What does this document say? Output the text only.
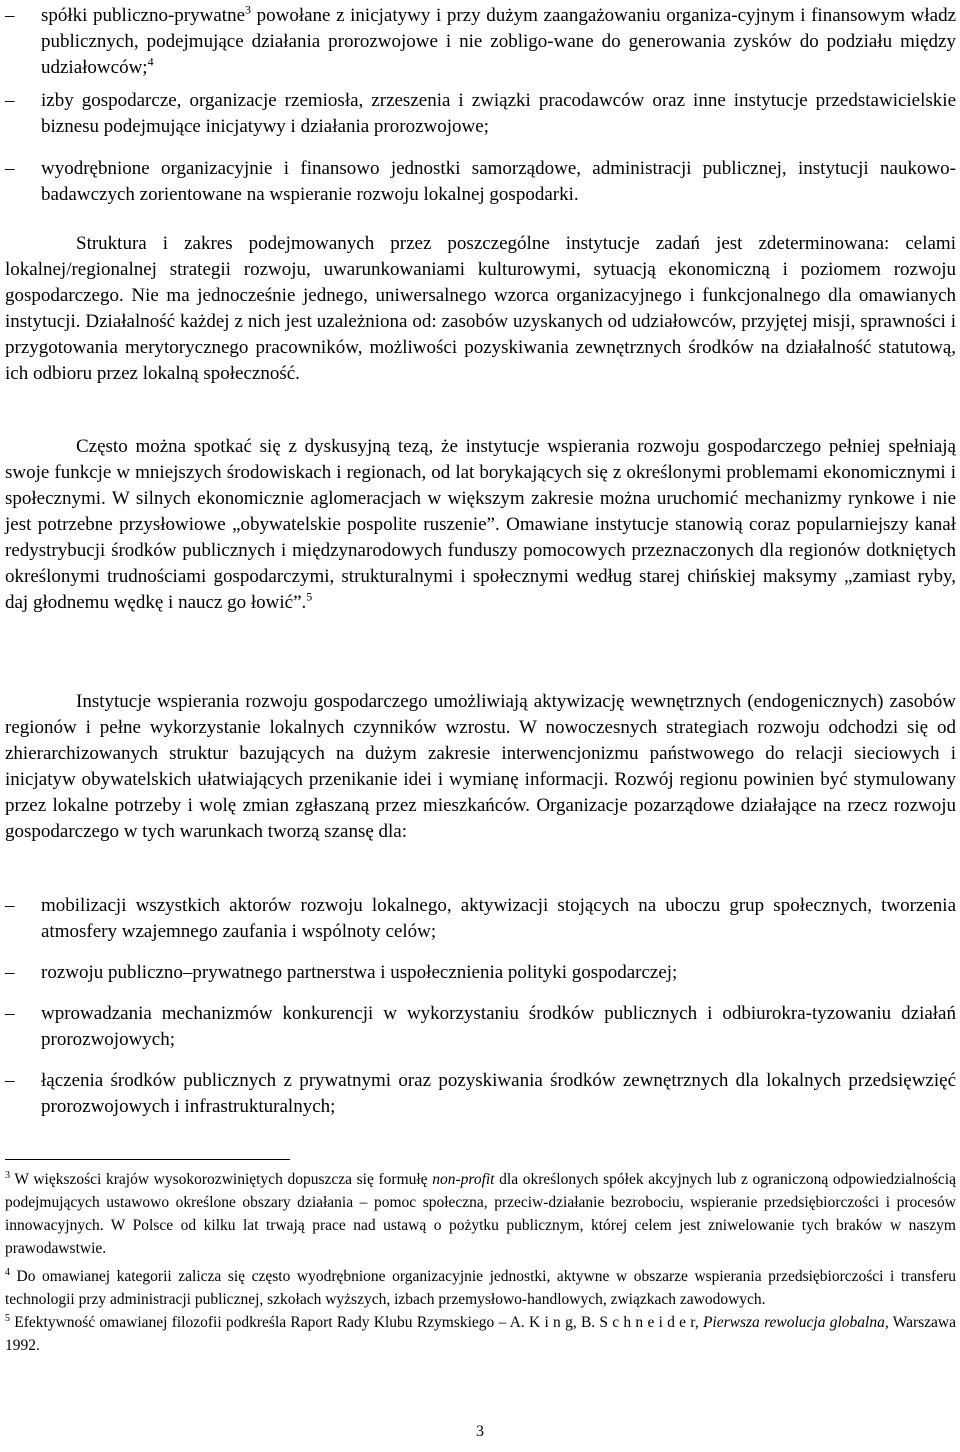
– spółki publiczno-prywatne$^3$ powołane z inicjatywy i przy dużym zaangażowaniu organiza-cyjnym i finansowym władz publicznych, podejmujące działania prorozwojowe i nie zobligo-wane do generowania zysków do podziału między udziałowców;$^4$

– izby gospodarcze, organizacje rzemiosła, zrzeszenia i związki pracodawców oraz inne instytucje przedstawicielskie biznesu podejmujące inicjatywy i działania prorozwojowe;

– wyodrębnione organizacyjnie i finansowo jednostki samorządowe, administracji publicznej, instytucji naukowo-badawczych zorientowane na wspieranie rozwoju lokalnej gospodarki.

Struktura i zakres podejmowanych przez poszczególne instytucje zadań jest zdeterminowana: celami lokalnej/regionalnej strategii rozwoju, uwarunkowaniami kulturowymi, sytuacją ekonomiczną i poziomem rozwoju gospodarczego. Nie ma jednocześnie jednego, uniwersalnego wzorca organizacyjnego i funkcjonalnego dla omawianych instytucji. Działalność każdej z nich jest uzależniona od: zasobów uzyskanych od udziałowców, przyjętej misji, sprawności i przygotowania merytorycznego pracowników, możliwości pozyskiwania zewnętrznych środków na działalność statutową, ich odbioru przez lokalną społeczność.

Często można spotkać się z dyskusyjną tezą, że instytucje wspierania rozwoju gospodarczego pełniej spełniają swoje funkcje w mniejszych środowiskach i regionach, od lat borykających się z określonymi problemami ekonomicznymi i społecznymi. W silnych ekonomicznie aglomeracjach w większym zakresie można uruchomić mechanizmy rynkowe i nie jest potrzebne przysłowiowe „obywatelskie pospolite ruszenie”. Omawiane instytucje stanowią coraz popularniejszy kanał redystrybucji środków publicznych i międzynarodowych funduszy pomocowych przeznaczonych dla regionów dotkniętych określonymi trudnościami gospodarczymi, strukturalnymi i społecznymi według starej chińskiej maksymy „zamiast ryby, daj głodnemu wędkę i naucz go łowić”.$^5$

Instytucje wspierania rozwoju gospodarczego umożliwiają aktywizację wewnętrznych (endogenicznych) zasobów regionów i pełne wykorzystanie lokalnych czynników wzrostu. W nowoczesnych strategiach rozwoju odchodzi się od zhierarchizowanych struktur bazujących na dużym zakresie interwencjonizmu państwowego do relacji sieciowych i inicjatyw obywatelskich ułatwiających przenikanie idei i wymianę informacji. Rozwój regionu powinien być stymulowany przez lokalne potrzeby i wolę zmian zgłaszaną przez mieszkańców. Organizacje pozarządowe działające na rzecz rozwoju gospodarczego w tych warunkach tworzą szansę dla:

– mobilizacji wszystkich aktorów rozwoju lokalnego, aktywizacji stojących na uboczu grup społecznych, tworzenia atmosfery wzajemnego zaufania i wspólnoty celów;

– rozwoju publiczno–prywatnego partnerstwa i uspołecznienia polityki gospodarczej;

– wprowadzania mechanizmów konkurencji w wykorzystaniu środków publicznych i odbiurokra-tyzowaniu działań prorozwojowych;

– łączenia środków publicznych z prywatnymi oraz pozyskiwania środków zewnętrznych dla lokalnych przedsięwzięć prorozwojowych i infrastrukturalnych;

$^3$ W większości krajów wysokorozwiniętych dopuszcza się formułę non-profit dla określonych spółek akcyjnych lub z ograniczoną odpowiedzialnością podejmujących ustawowo określone obszary działania – pomoc społeczna, przeciw-działanie bezrobociu, wspieranie przedsiębiorczości i procesów innowacyjnych. W Polsce od kilku lat trwają prace nad ustawą o pożytku publicznym, której celem jest zniwelowanie tych braków w naszym prawodawstwie.

$^4$ Do omawianej kategorii zalicza się często wyodrębnione organizacyjnie jednostki, aktywne w obszarze wspierania przedsiębiorczości i transferu technologii przy administracji publicznej, szkołach wyższych, izbach przemysłowo-handlowych, związkach zawodowych.

$^5$ Efektywność omawianej filozofii podkreśla Raport Rady Klubu Rzymskiego – A. K i n g, B. S c h n e i d e r, Pierwsza rewolucja globalna, Warszawa 1992.

3
